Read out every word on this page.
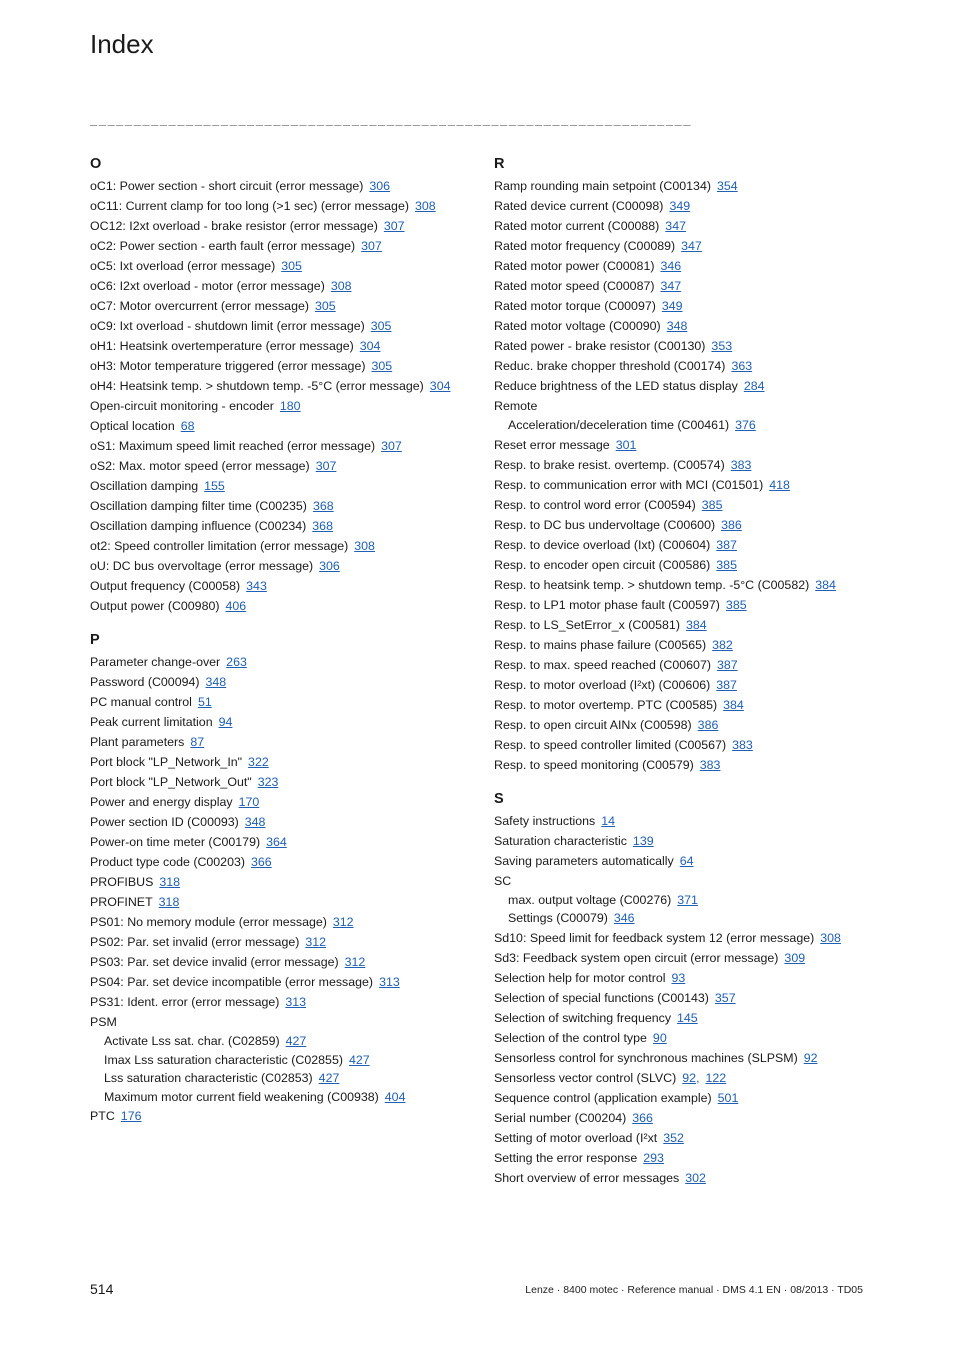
Index
_____________________________________________________________________
O
oC1: Power section - short circuit (error message) 306
oC11: Current clamp for too long (>1 sec) (error message) 308
OC12: I2xt overload - brake resistor (error message) 307
oC2: Power section - earth fault (error message) 307
oC5: Ixt overload (error message) 305
oC6: I2xt overload - motor (error message) 308
oC7: Motor overcurrent (error message) 305
oC9: Ixt overload - shutdown limit (error message) 305
oH1: Heatsink overtemperature (error message) 304
oH3: Motor temperature triggered (error message) 305
oH4: Heatsink temp. > shutdown temp. -5°C (error message) 304
Open-circuit monitoring - encoder 180
Optical location 68
oS1: Maximum speed limit reached (error message) 307
oS2: Max. motor speed (error message) 307
Oscillation damping 155
Oscillation damping filter time (C00235) 368
Oscillation damping influence (C00234) 368
ot2: Speed controller limitation (error message) 308
oU: DC bus overvoltage (error message) 306
Output frequency (C00058) 343
Output power (C00980) 406
P
Parameter change-over 263
Password (C00094) 348
PC manual control 51
Peak current limitation 94
Plant parameters 87
Port block "LP_Network_In" 322
Port block "LP_Network_Out" 323
Power and energy display 170
Power section ID (C00093) 348
Power-on time meter (C00179) 364
Product type code (C00203) 366
PROFIBUS 318
PROFINET 318
PS01: No memory module (error message) 312
PS02: Par. set invalid (error message) 312
PS03: Par. set device invalid (error message) 312
PS04: Par. set device incompatible (error message) 313
PS31: Ident. error (error message) 313
PSM
Activate Lss sat. char. (C02859) 427
Imax Lss saturation characteristic (C02855) 427
Lss saturation characteristic (C02853) 427
Maximum motor current field weakening (C00938) 404
PTC 176
R
Ramp rounding main setpoint (C00134) 354
Rated device current (C00098) 349
Rated motor current (C00088) 347
Rated motor frequency (C00089) 347
Rated motor power (C00081) 346
Rated motor speed (C00087) 347
Rated motor torque (C00097) 349
Rated motor voltage (C00090) 348
Rated power - brake resistor (C00130) 353
Reduc. brake chopper threshold (C00174) 363
Reduce brightness of the LED status display 284
Remote
Acceleration/deceleration time (C00461) 376
Reset error message 301
Resp. to brake resist. overtemp. (C00574) 383
Resp. to communication error with MCI (C01501) 418
Resp. to control word error (C00594) 385
Resp. to DC bus undervoltage (C00600) 386
Resp. to device overload (Ixt) (C00604) 387
Resp. to encoder open circuit (C00586) 385
Resp. to heatsink temp. > shutdown temp. -5°C (C00582) 384
Resp. to LP1 motor phase fault (C00597) 385
Resp. to LS_SetError_x (C00581) 384
Resp. to mains phase failure (C00565) 382
Resp. to max. speed reached (C00607) 387
Resp. to motor overload (I²xt) (C00606) 387
Resp. to motor overtemp. PTC (C00585) 384
Resp. to open circuit AINx (C00598) 386
Resp. to speed controller limited (C00567) 383
Resp. to speed monitoring (C00579) 383
S
Safety instructions 14
Saturation characteristic 139
Saving parameters automatically 64
SC
max. output voltage (C00276) 371
Settings (C00079) 346
Sd10: Speed limit for feedback system 12 (error message) 308
Sd3: Feedback system open circuit (error message) 309
Selection help for motor control 93
Selection of special functions (C00143) 357
Selection of switching frequency 145
Selection of the control type 90
Sensorless control for synchronous machines (SLPSM) 92
Sensorless vector control (SLVC) 92, 122
Sequence control (application example) 501
Serial number (C00204) 366
Setting of motor overload (I²xt 352
Setting the error response 293
Short overview of error messages 302
514	Lenze · 8400 motec · Reference manual · DMS 4.1 EN · 08/2013 · TD05
